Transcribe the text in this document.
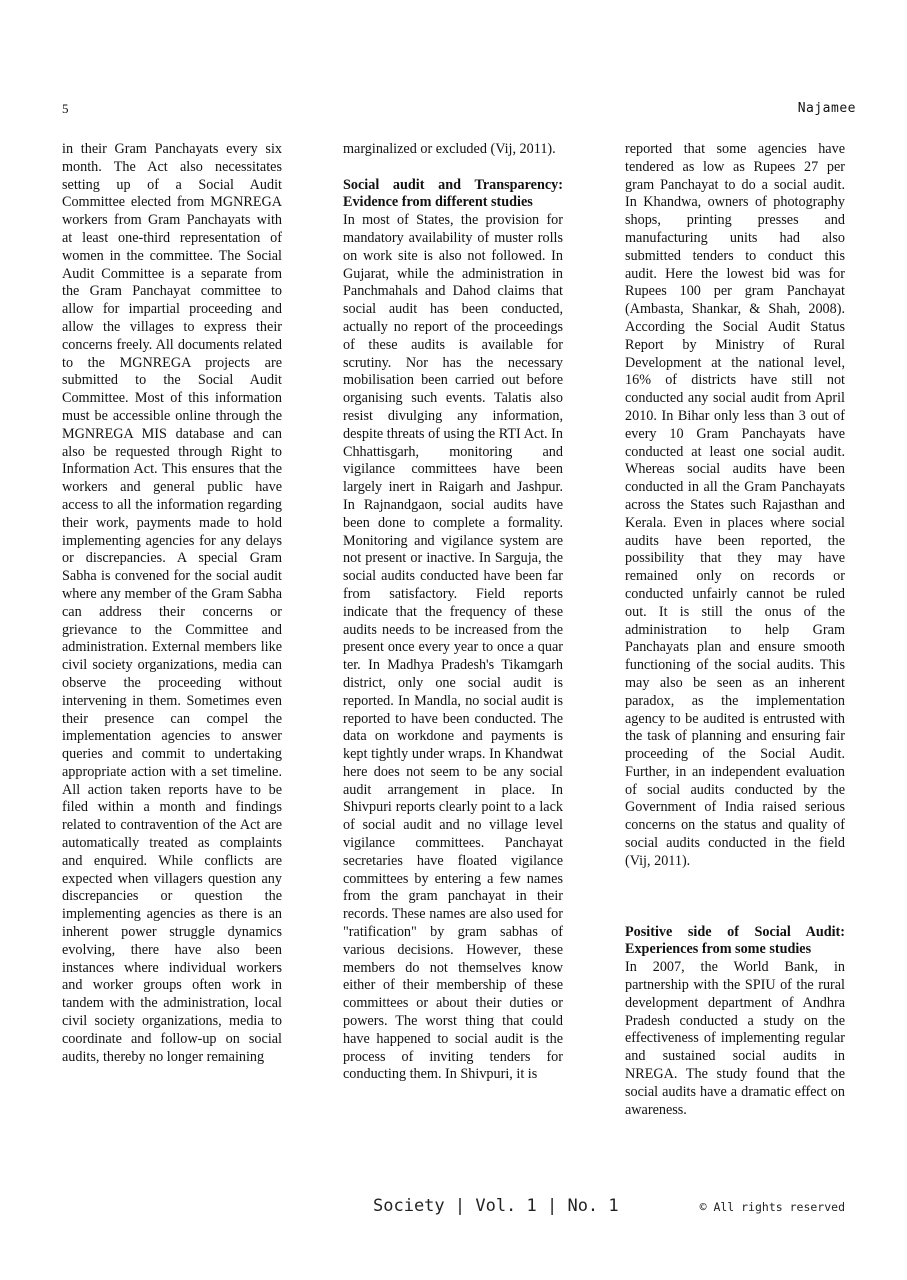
5	Najamee

in their Gram Panchayats every six month. The Act also necessitates setting up of a Social Audit Committee elected from MGNREGA workers from Gram Panchayats with at least one-third representation of women in the committee. The Social Audit Committee is a separate from the Gram Panchayat committee to allow for impartial proceeding and allow the villages to express their concerns freely. All documents related to the MGNREGA projects are submitted to the Social Audit Committee. Most of this information must be accessible online through the MGNREGA MIS database and can also be requested through Right to Information Act. This ensures that the workers and general public have access to all the information regarding their work, payments made to hold implementing agencies for any delays or discrepancies. A special Gram Sabha is convened for the social audit where any member of the Gram Sabha can address their concerns or grievance to the Committee and administration. External members like civil society organizations, media can observe the proceeding without intervening in them. Sometimes even their presence can compel the implementation agencies to answer queries and commit to undertaking appropriate action with a set timeline. All action taken reports have to be filed within a month and findings related to contravention of the Act are automatically treated as complaints and enquired. While conflicts are expected when villagers question any discrepancies or question the implementing agencies as there is an inherent power struggle dynamics evolving, there have also been instances where individual workers and worker groups often work in tandem with the administration, local civil society organizations, media to coordinate and follow-up on social audits, thereby no longer remaining

marginalized or excluded (Vij, 2011).

Social audit and Transparency: Evidence from different studies

In most of States, the provision for mandatory availability of muster rolls on work site is also not followed. In Gujarat, while the administration in Panchmahals and Dahod claims that social audit has been conducted, actually no report of the proceedings of these audits is available for scrutiny. Nor has the necessary mobilisation been carried out before organising such events. Talatis also resist divulging any information, despite threats of using the RTI Act. In Chhattisgarh, monitoring and vigilance committees have been largely inert in Raigarh and Jashpur. In Rajnandgaon, social audits have been done to complete a formality. Monitoring and vigilance system are not present or inactive. In Sarguja, the social audits conducted have been far from satisfactory. Field reports indicate that the frequency of these audits needs to be increased from the present once every year to once a quar ter. In Madhya Pradesh's Tikamgarh district, only one social audit is reported. In Mandla, no social audit is reported to have been conducted. The data on workdone and payments is kept tightly under wraps. In Khandwat here does not seem to be any social audit arrangement in place. In Shivpuri reports clearly point to a lack of social audit and no village level vigilance committees. Panchayat secretaries have floated vigilance committees by entering a few names from the gram panchayat in their records. These names are also used for "ratification" by gram sabhas of various decisions. However, these members do not themselves know either of their membership of these committees or about their duties or powers. The worst thing that could have happened to social audit is the process of inviting tenders for conducting them. In Shivpuri, it is

reported that some agencies have tendered as low as Rupees 27 per gram Panchayat to do a social audit. In Khandwa, owners of photography shops, printing presses and manufacturing units had also submitted tenders to conduct this audit. Here the lowest bid was for Rupees 100 per gram Panchayat (Ambasta, Shankar, & Shah, 2008). According the Social Audit Status Report by Ministry of Rural Development at the national level, 16% of districts have still not conducted any social audit from April 2010. In Bihar only less than 3 out of every 10 Gram Panchayats have conducted at least one social audit. Whereas social audits have been conducted in all the Gram Panchayats across the States such Rajasthan and Kerala. Even in places where social audits have been reported, the possibility that they may have remained only on records or conducted unfairly cannot be ruled out. It is still the onus of the administration to help Gram Panchayats plan and ensure smooth functioning of the social audits. This may also be seen as an inherent paradox, as the implementation agency to be audited is entrusted with the task of planning and ensuring fair proceeding of the Social Audit. Further, in an independent evaluation of social audits conducted by the Government of India raised serious concerns on the status and quality of social audits conducted in the field (Vij, 2011).

Positive side of Social Audit: Experiences from some studies

In 2007, the World Bank, in partnership with the SPIU of the rural development department of Andhra Pradesh conducted a study on the effectiveness of implementing regular and sustained social audits in NREGA. The study found that the social audits have a dramatic effect on awareness.

Society | Vol. 1 | No. 1	© All rights reserved
